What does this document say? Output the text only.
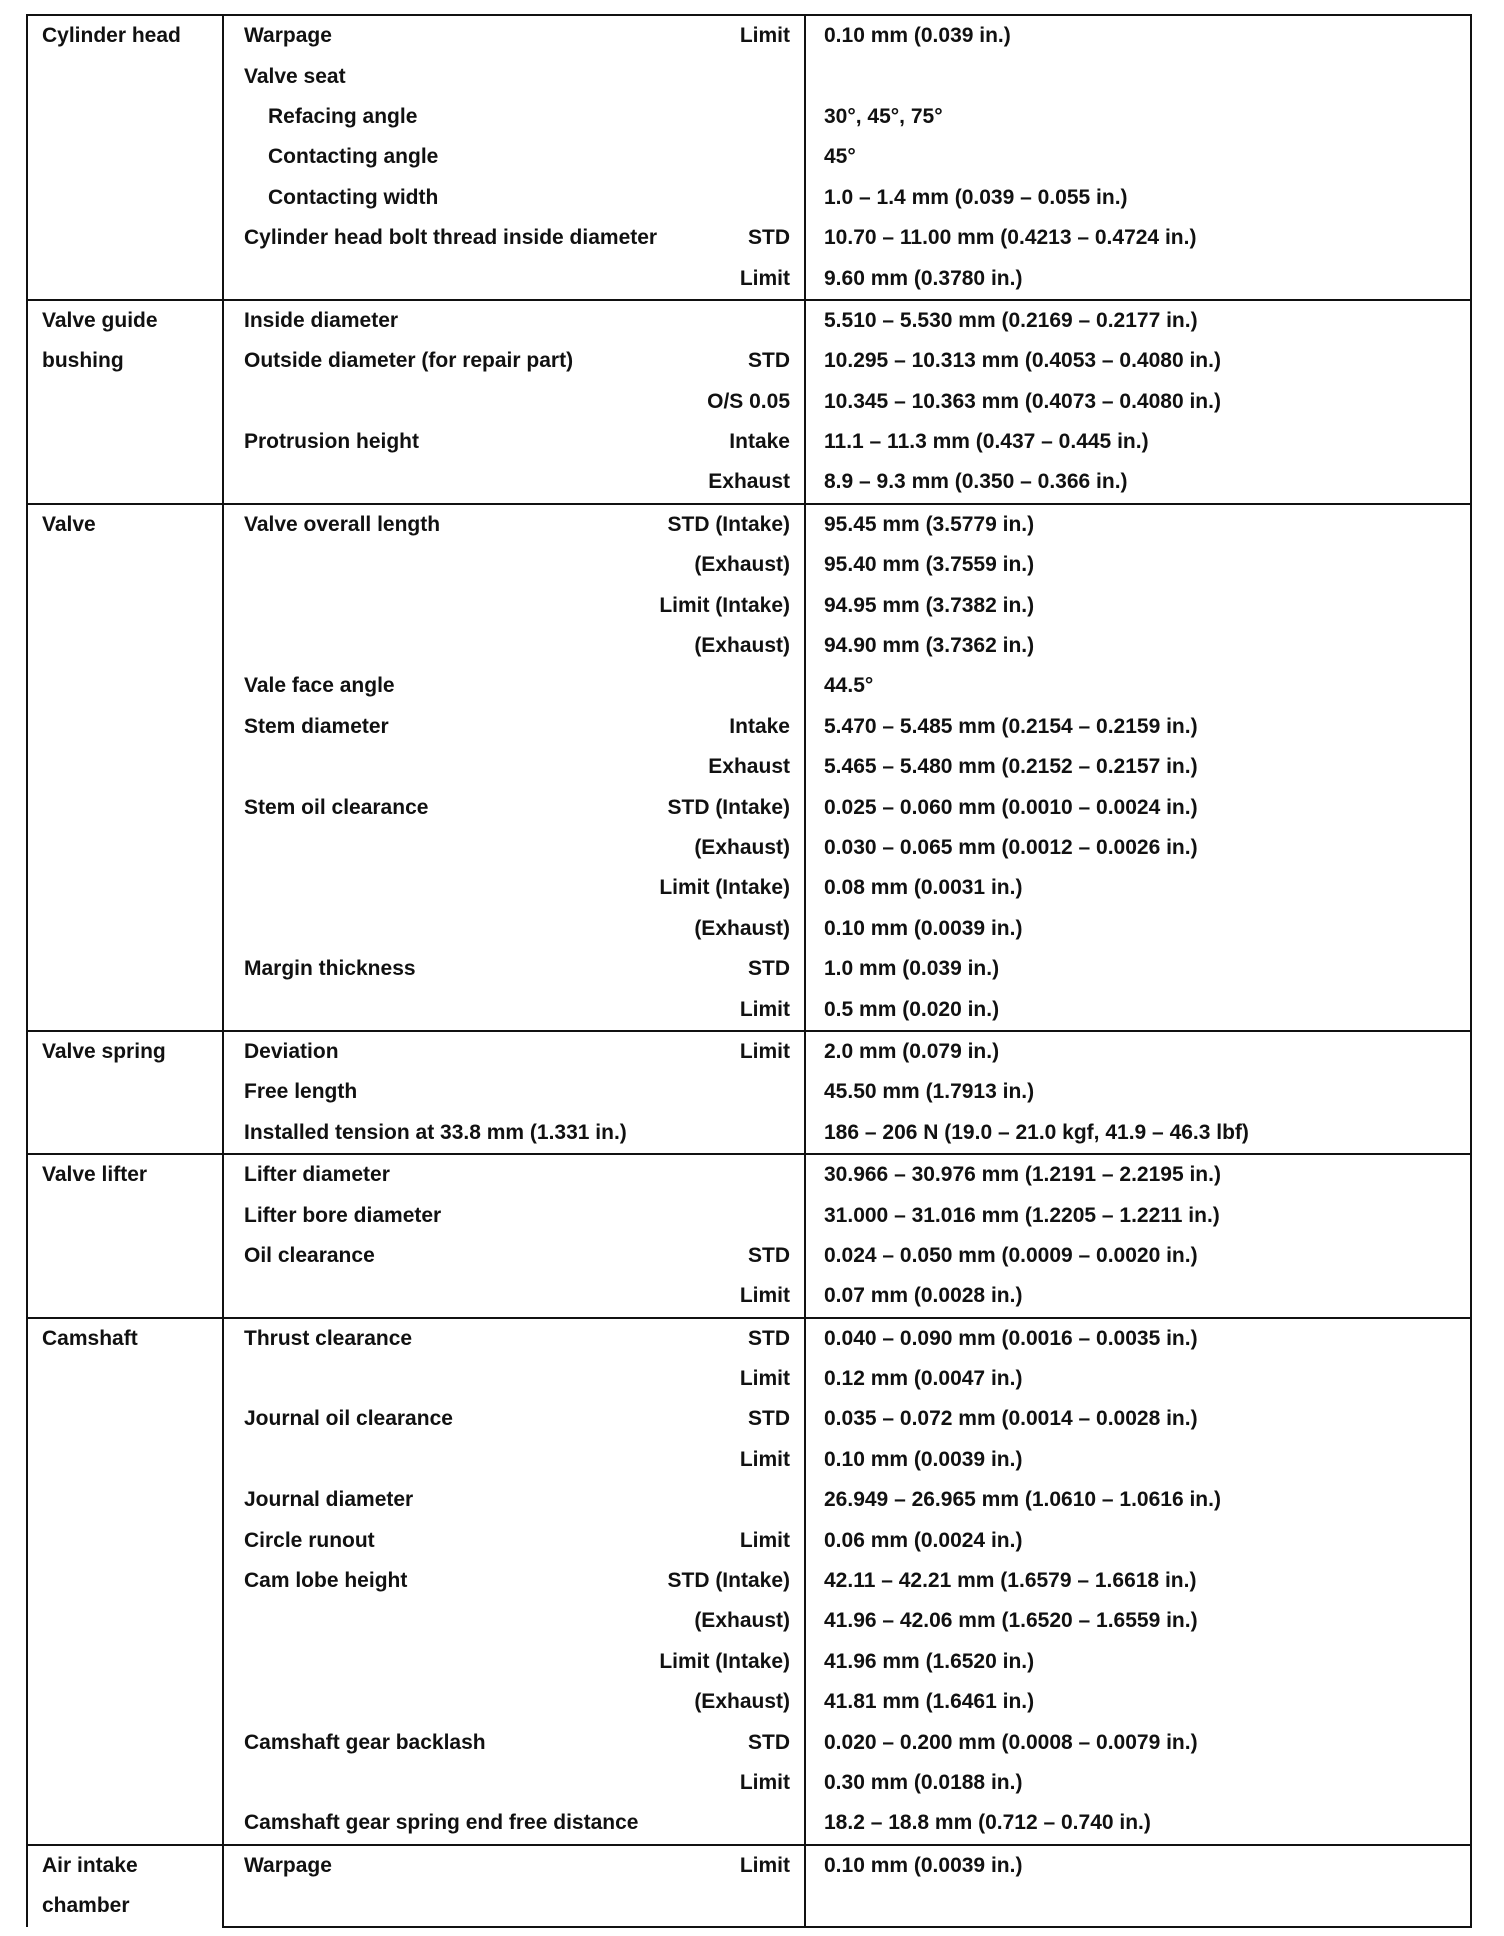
Cylinder head	Warpage	Limit	0.10 mm (0.039 in.)
	Valve seat		
	Refacing angle		30°, 45°, 75°
	Contacting angle		45°
	Contacting width		1.0 – 1.4 mm (0.039 – 0.055 in.)
	Cylinder head bolt thread inside diameter	STD	10.70 – 11.00 mm (0.4213 – 0.4724 in.)
		Limit	9.60 mm (0.3780 in.)

Valve guide
bushing	Inside diameter		5.510 – 5.530 mm (0.2169 – 0.2177 in.)
	Outside diameter (for repair part)	STD	10.295 – 10.313 mm (0.4053 – 0.4080 in.)
		O/S 0.05	10.345 – 10.363 mm (0.4073 – 0.4080 in.)
	Protrusion height	Intake	11.1 – 11.3 mm (0.437 – 0.445 in.)
		Exhaust	8.9 – 9.3 mm (0.350 – 0.366 in.)

Valve	Valve overall length	STD (Intake)	95.45 mm (3.5779 in.)
		(Exhaust)	95.40 mm (3.7559 in.)
		Limit (Intake)	94.95 mm (3.7382 in.)
		(Exhaust)	94.90 mm (3.7362 in.)
	Vale face angle		44.5°
	Stem diameter	Intake	5.470 – 5.485 mm (0.2154 – 0.2159 in.)
		Exhaust	5.465 – 5.480 mm (0.2152 – 0.2157 in.)
	Stem oil clearance	STD (Intake)	0.025 – 0.060 mm (0.0010 – 0.0024 in.)
		(Exhaust)	0.030 – 0.065 mm (0.0012 – 0.0026 in.)
		Limit (Intake)	0.08 mm (0.0031 in.)
		(Exhaust)	0.10 mm (0.0039 in.)
	Margin thickness	STD	1.0 mm (0.039 in.)
		Limit	0.5 mm (0.020 in.)

Valve spring	Deviation	Limit	2.0 mm (0.079 in.)
	Free length		45.50 mm (1.7913 in.)
	Installed tension at 33.8 mm (1.331 in.)		186 – 206 N (19.0 – 21.0 kgf, 41.9 – 46.3 lbf)

Valve lifter	Lifter diameter		30.966 – 30.976 mm (1.2191 – 2.2195 in.)
	Lifter bore diameter		31.000 – 31.016 mm (1.2205 – 1.2211 in.)
	Oil clearance	STD	0.024 – 0.050 mm (0.0009 – 0.0020 in.)
		Limit	0.07 mm (0.0028 in.)

Camshaft	Thrust clearance	STD	0.040 – 0.090 mm (0.0016 – 0.0035 in.)
		Limit	0.12 mm (0.0047 in.)
	Journal oil clearance	STD	0.035 – 0.072 mm (0.0014 – 0.0028 in.)
		Limit	0.10 mm (0.0039 in.)
	Journal diameter		26.949 – 26.965 mm (1.0610 – 1.0616 in.)
	Circle runout	Limit	0.06 mm (0.0024 in.)
	Cam lobe height	STD (Intake)	42.11 – 42.21 mm (1.6579 – 1.6618 in.)
		(Exhaust)	41.96 – 42.06 mm (1.6520 – 1.6559 in.)
		Limit (Intake)	41.96 mm (1.6520 in.)
		(Exhaust)	41.81 mm (1.6461 in.)
	Camshaft gear backlash	STD	0.020 – 0.200 mm (0.0008 – 0.0079 in.)
		Limit	0.30 mm (0.0188 in.)
	Camshaft gear spring end free distance		18.2 – 18.8 mm (0.712 – 0.740 in.)

Air intake
chamber	Warpage	Limit	0.10 mm (0.0039 in.)
